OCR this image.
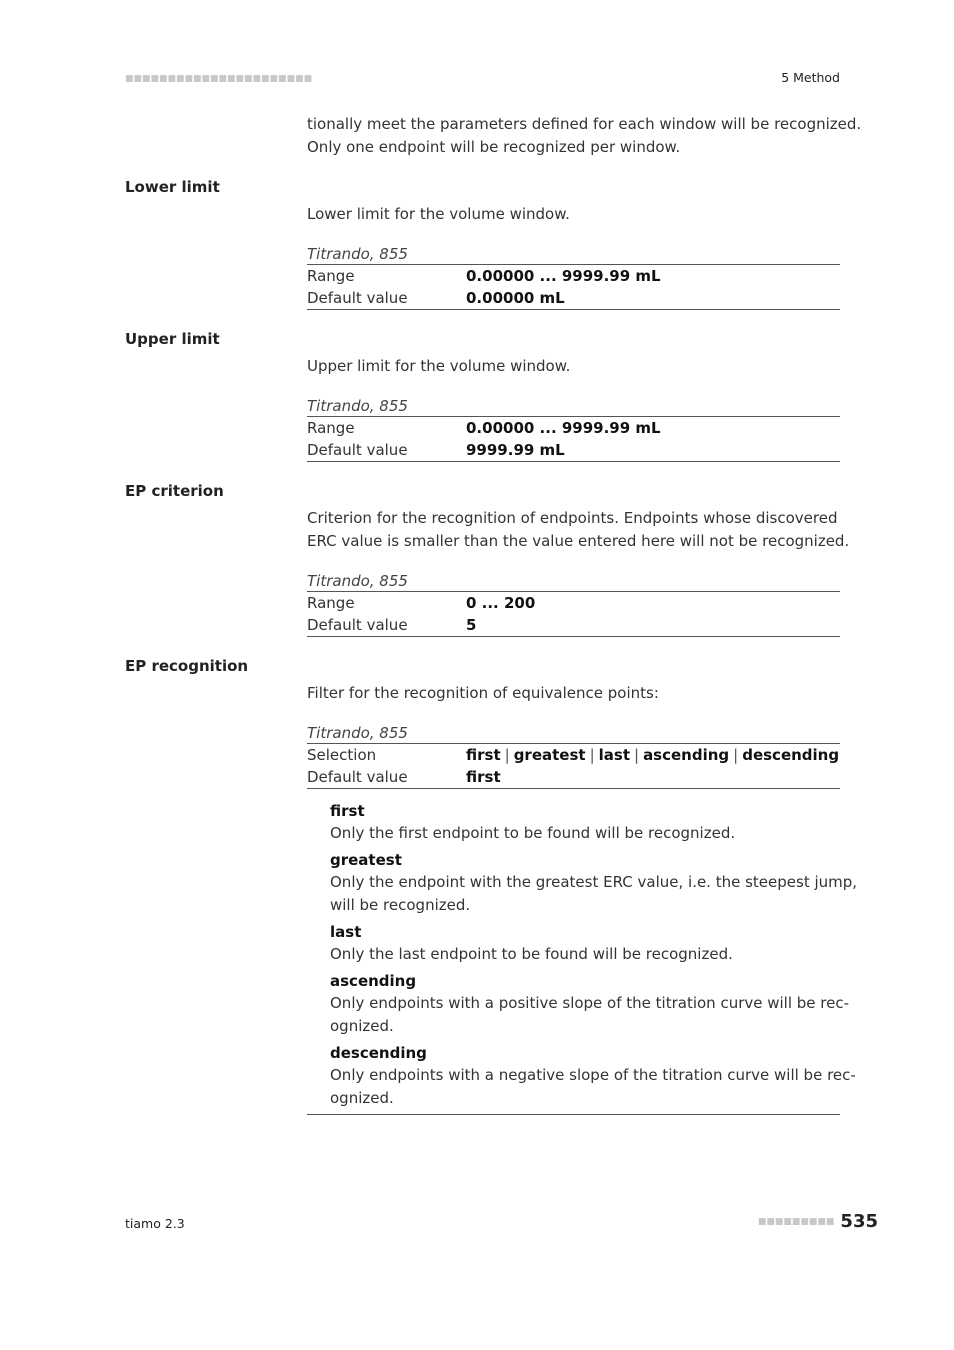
■■■■■■■■■■■■■■■■■■■■■■	5 Method

tionally meet the parameters defined for each window will be recognized.

Only one endpoint will be recognized per window.

Lower limit

Lower limit for the volume window.

Titrando, 855
Range	0.00000 ... 9999.99 mL
Default value	0.00000 mL
Upper limit

Upper limit for the volume window.

Titrando, 855
Range	0.00000 ... 9999.99 mL
Default value	9999.99 mL
EP criterion

Criterion for the recognition of endpoints. Endpoints whose discovered

ERC value is smaller than the value entered here will not be recognized.

Titrando, 855
Range	0 ... 200
Default value	5
EP recognition

Filter for the recognition of equivalence points:

Titrando, 855
Selection	first | greatest | last | ascending | descending
Default value	first
first
Only the first endpoint to be found will be recognized.
greatest
Only the endpoint with the greatest ERC value, i.e. the steepest jump,
will be recognized.
last
Only the last endpoint to be found will be recognized.
ascending
Only endpoints with a positive slope of the titration curve will be rec-
ognized.
descending
Only endpoints with a negative slope of the titration curve will be rec-
ognized.
tiamo 2.3	■■■■■■■■■ 535
